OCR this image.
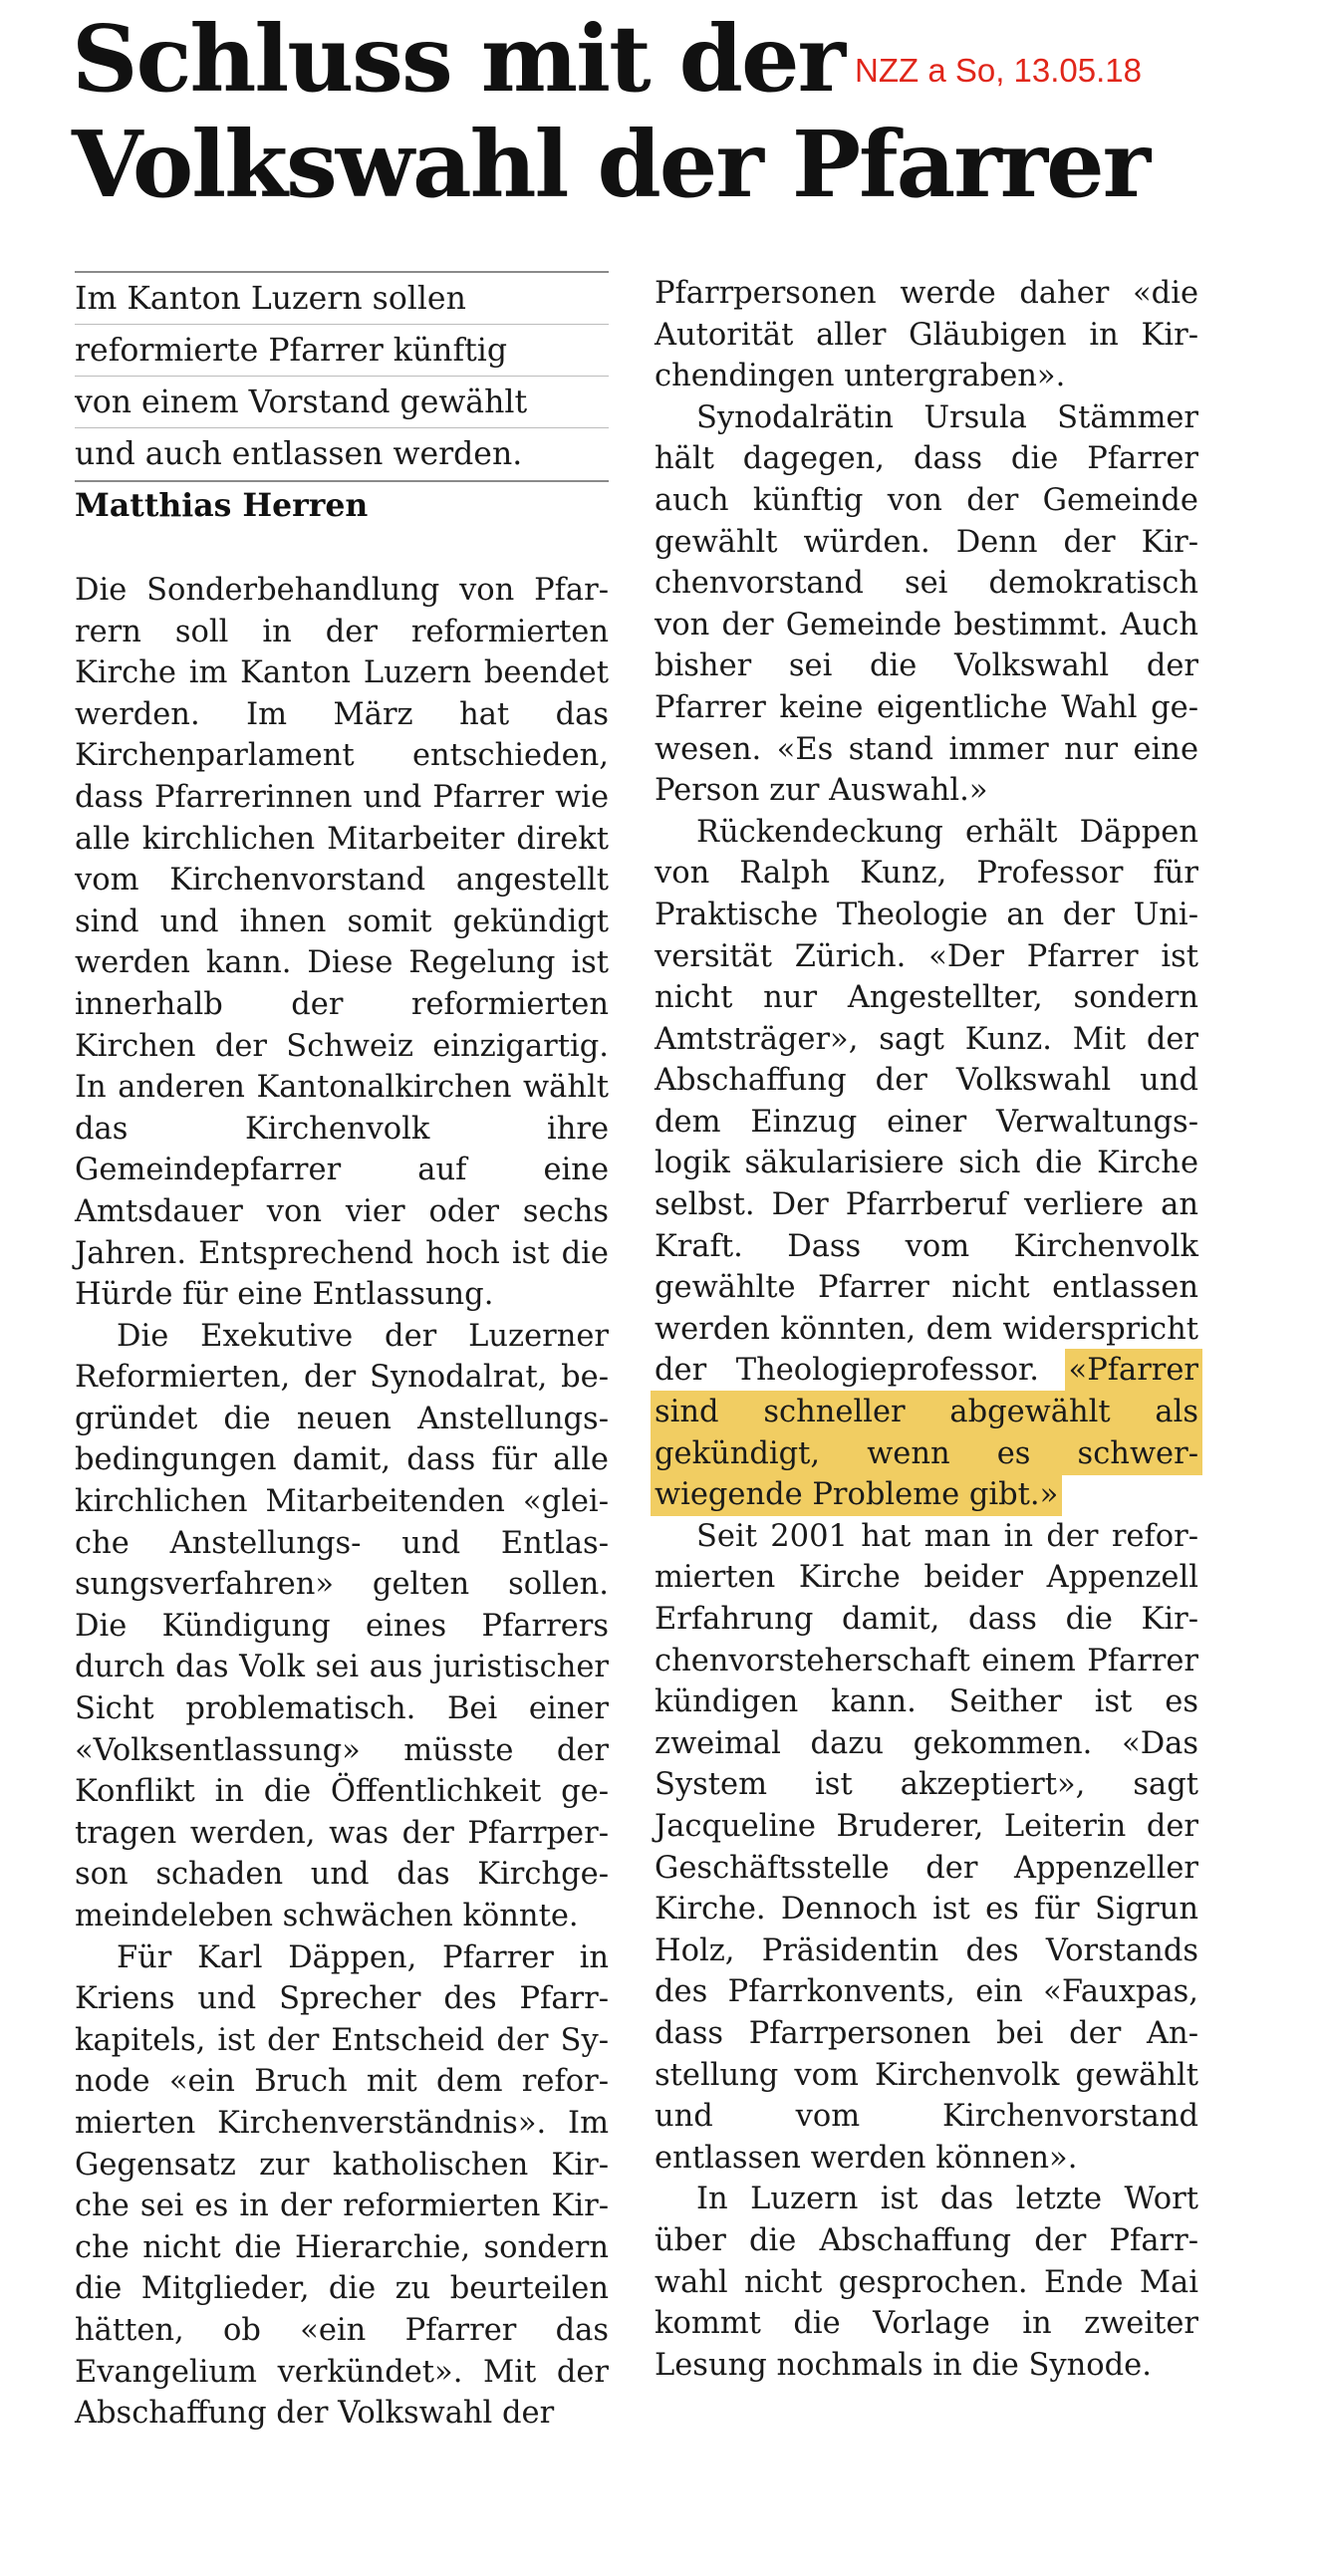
Schluss mit der Volkswahl der Pfarrer
NZZ a So, 13.05.18
Im Kanton Luzern sollen
reformierte Pfarrer künftig
von einem Vorstand gewählt
und auch entlassen werden.
Matthias Herren

Die Sonderbehandlung von Pfarrern soll in der reformierten Kirche im Kanton Luzern beendet werden. Im März hat das Kirchenparlament entschieden, dass Pfarrerinnen und Pfarrer wie alle kirchlichen Mitarbeiter direkt vom Kirchenvorstand angestellt sind und ihnen somit gekündigt werden kann. Diese Regelung ist innerhalb der reformierten Kirchen der Schweiz einzigartig. In anderen Kantonalkirchen wählt das Kirchenvolk ihre Gemeindepfarrer auf eine Amtsdauer von vier oder sechs Jahren. Entsprechend hoch ist die Hürde für eine Entlassung.

Die Exekutive der Luzerner Reformierten, der Synodalrat, begründet die neuen Anstellungsbedingungen damit, dass für alle kirchlichen Mitarbeitenden «gleiche Anstellungs- und Entlassungsverfahren» gelten sollen. Die Kündigung eines Pfarrers durch das Volk sei aus juristischer Sicht problematisch. Bei einer «Volksentlassung» müsste der Konflikt in die Öffentlichkeit getragen werden, was der Pfarrperson schaden und das Kirchgemeindeleben schwächen könnte.

Für Karl Däppen, Pfarrer in Kriens und Sprecher des Pfarrkapitels, ist der Entscheid der Synode «ein Bruch mit dem reformierten Kirchenverständnis». Im Gegensatz zur katholischen Kirche sei es in der reformierten Kirche nicht die Hierarchie, sondern die Mitglieder, die zu beurteilen hätten, ob «ein Pfarrer das Evangelium verkündet». Mit der Abschaffung der Volkswahl der

Pfarrpersonen werde daher «die Autorität aller Gläubigen in Kirchendingen untergraben».

Synodalrätin Ursula Stämmer hält dagegen, dass die Pfarrer auch künftig von der Gemeinde gewählt würden. Denn der Kirchenvorstand sei demokratisch von der Gemeinde bestimmt. Auch bisher sei die Volkswahl der Pfarrer keine eigentliche Wahl gewesen. «Es stand immer nur eine Person zur Auswahl.»

Rückendeckung erhält Däppen von Ralph Kunz, Professor für Praktische Theologie an der Universität Zürich. «Der Pfarrer ist nicht nur Angestellter, sondern Amtsträger», sagt Kunz. Mit der Abschaffung der Volkswahl und dem Einzug einer Verwaltungslogik säkularisiere sich die Kirche selbst. Der Pfarrberuf verliere an Kraft. Dass vom Kirchenvolk gewählte Pfarrer nicht entlassen werden könnten, dem widerspricht der Theologieprofessor. «Pfarrer sind schneller abgewählt als gekündigt, wenn es schwerwiegende Probleme gibt.»

Seit 2001 hat man in der reformierten Kirche beider Appenzell Erfahrung damit, dass die Kirchenvorsteherschaft einem Pfarrer kündigen kann. Seither ist es zweimal dazu gekommen. «Das System ist akzeptiert», sagt Jacqueline Bruderer, Leiterin der Geschäftsstelle der Appenzeller Kirche. Dennoch ist es für Sigrun Holz, Präsidentin des Vorstands des Pfarrkonvents, ein «Fauxpas, dass Pfarrpersonen bei der Anstellung vom Kirchenvolk gewählt und vom Kirchenvorstand entlassen werden können».

In Luzern ist das letzte Wort über die Abschaffung der Pfarrwahl nicht gesprochen. Ende Mai kommt die Vorlage in zweiter Lesung nochmals in die Synode.
